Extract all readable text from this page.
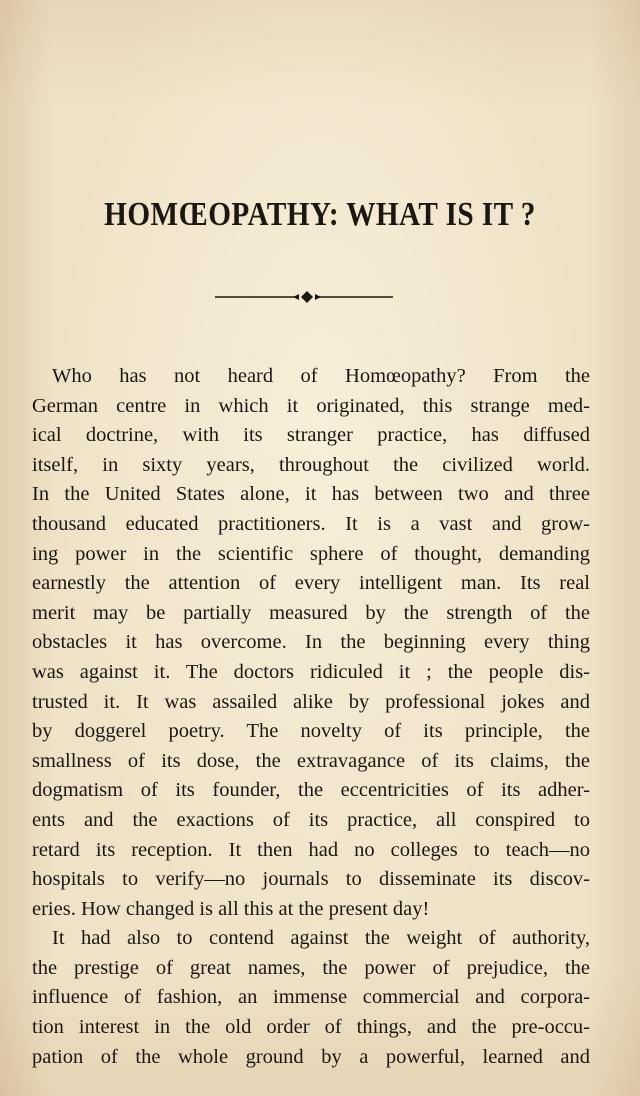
HOMŒOPATHY: WHAT IS IT ?
Who has not heard of Homœopathy? From the
German centre in which it originated, this strange med-
ical doctrine, with its stranger practice, has diffused
itself, in sixty years, throughout the civilized world.
In the United States alone, it has between two and three
thousand educated practitioners. It is a vast and grow-
ing power in the scientific sphere of thought, demanding
earnestly the attention of every intelligent man. Its real
merit may be partially measured by the strength of the
obstacles it has overcome. In the beginning every thing
was against it. The doctors ridiculed it ; the people dis-
trusted it. It was assailed alike by professional jokes and
by doggerel poetry. The novelty of its principle, the
smallness of its dose, the extravagance of its claims, the
dogmatism of its founder, the eccentricities of its adher-
ents and the exactions of its practice, all conspired to
retard its reception. It then had no colleges to teach—no
hospitals to verify—no journals to disseminate its discov-
eries. How changed is all this at the present day!
It had also to contend against the weight of authority,
the prestige of great names, the power of prejudice, the
influence of fashion, an immense commercial and corpora-
tion interest in the old order of things, and the pre-occu-
pation of the whole ground by a powerful, learned and
